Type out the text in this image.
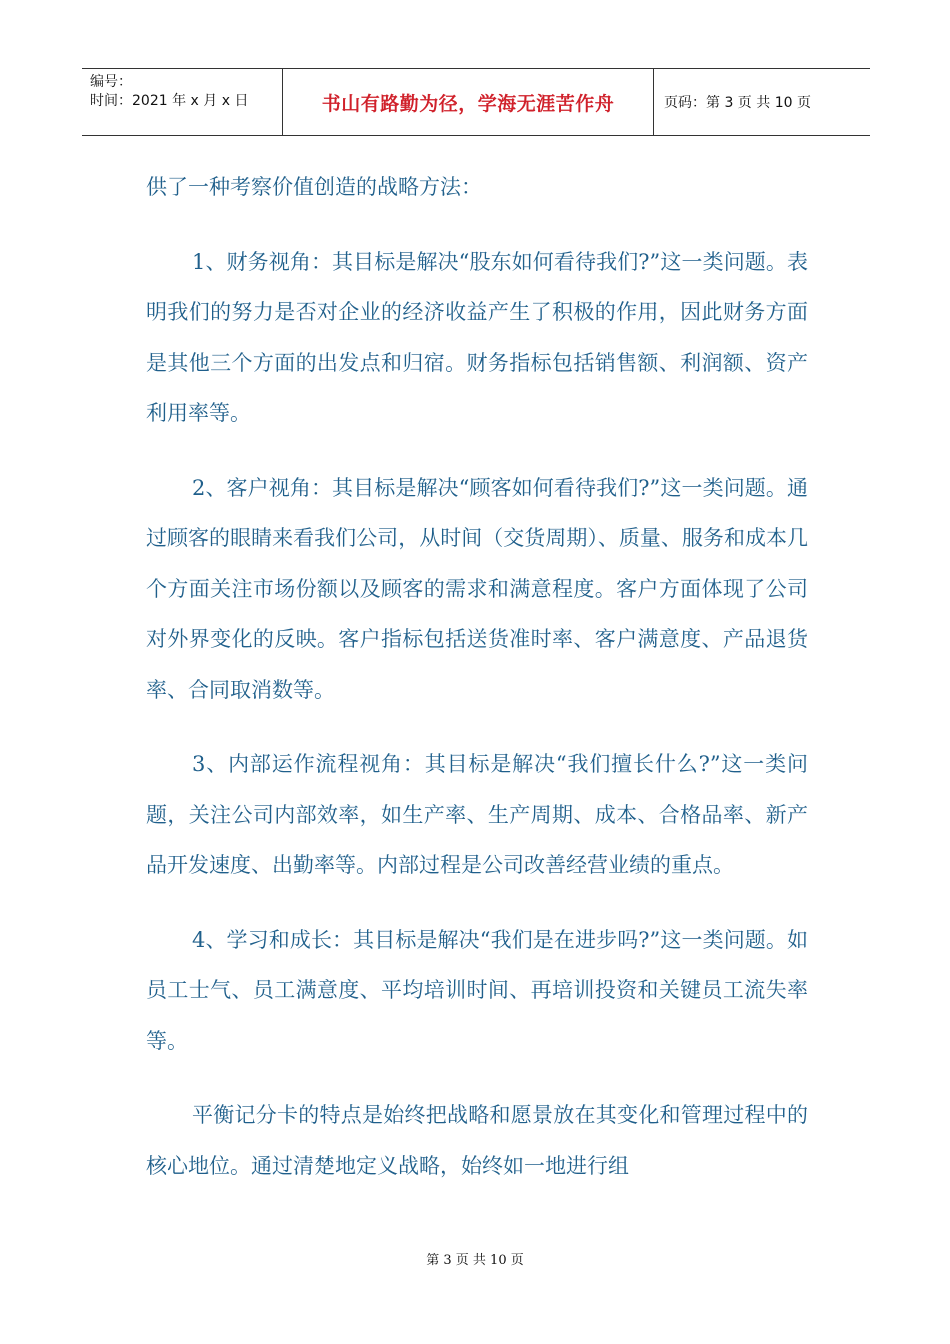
编号：
时间：2021 年 x 月 x 日	书山有路勤为径，学海无涯苦作舟	页码：第 3 页 共 10 页

供了一种考察价值创造的战略方法：

1、财务视角：其目标是解决“股东如何看待我们?”这一类问题。表明我们的努力是否对企业的经济收益产生了积极的作用，因此财务方面是其他三个方面的出发点和归宿。财务指标包括销售额、利润额、资产利用率等。

2、客户视角：其目标是解决“顾客如何看待我们?”这一类问题。通过顾客的眼睛来看我们公司，从时间（交货周期）、质量、服务和成本几个方面关注市场份额以及顾客的需求和满意程度。客户方面体现了公司对外界变化的反映。客户指标包括送货准时率、客户满意度、产品退货率、合同取消数等。

3、内部运作流程视角：其目标是解决“我们擅长什么?”这一类问题，关注公司内部效率，如生产率、生产周期、成本、合格品率、新产品开发速度、出勤率等。内部过程是公司改善经营业绩的重点。

4、学习和成长：其目标是解决“我们是在进步吗?”这一类问题。如员工士气、员工满意度、平均培训时间、再培训投资和关键员工流失率等。

平衡记分卡的特点是始终把战略和愿景放在其变化和管理过程中的核心地位。通过清楚地定义战略，始终如一地进行组

第 3 页 共 10 页
